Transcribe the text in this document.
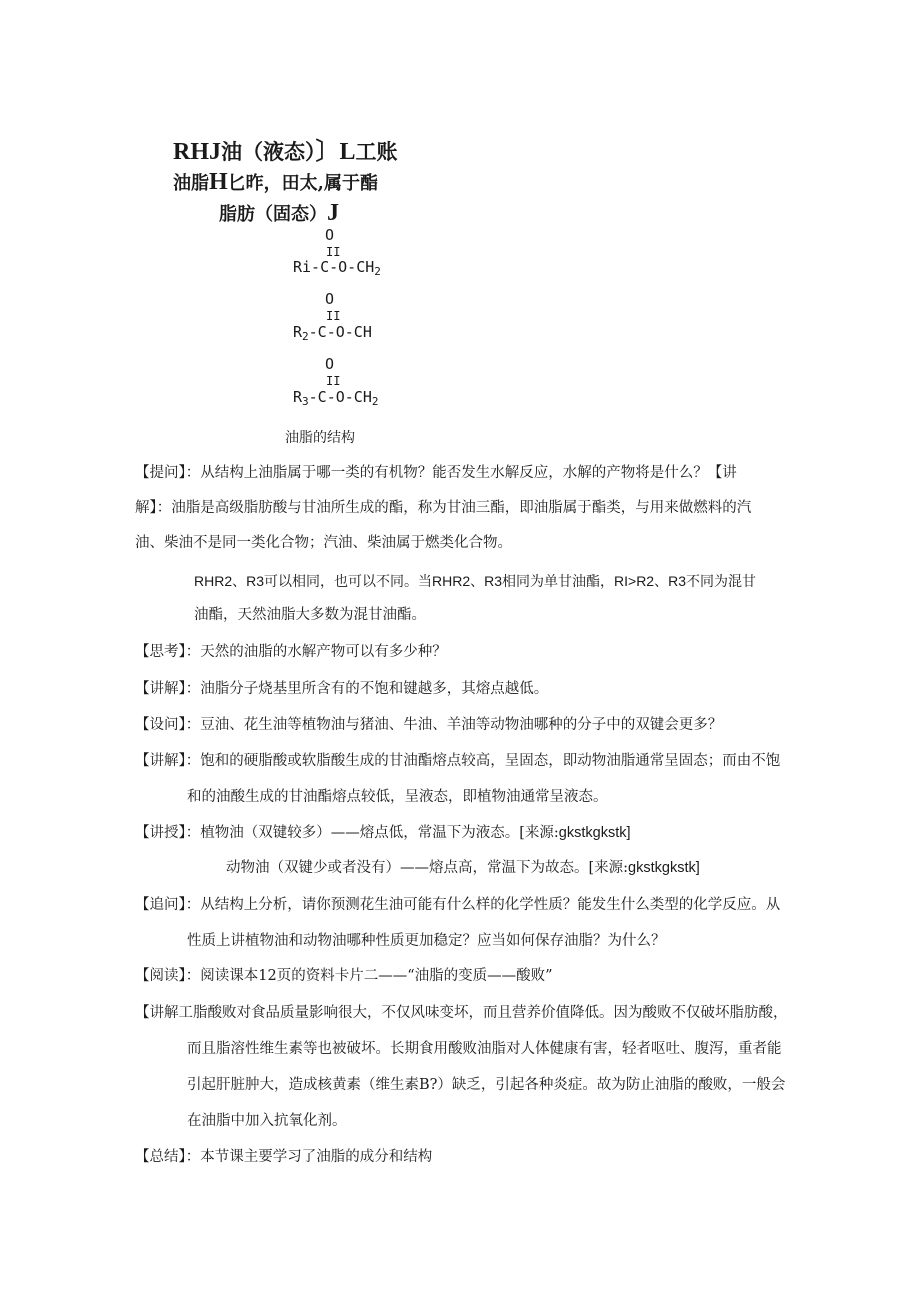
RHJ油（液态）〕L工账
油脂H匕昨，田太,属于酯
脂肪（固态）J
O
II
$Ri-C-O-CH_2$
O
II
$R_2-C-O-CH$
O
II
$R_3-C-O-CH_2$
油脂的结构
【提问】：从结构上油脂属于哪一类的有机物？能否发生水解反应，水解的产物将是什么？【讲
解】：油脂是高级脂肪酸与甘油所生成的酯，称为甘油三酯，即油脂属于酯类，与用来做燃料的汽
油、柴油不是同一类化合物；汽油、柴油属于燃类化合物。
RHR2、R3可以相同，也可以不同。当RHR2、R3相同为单甘油酯，RI>R2、R3不同为混甘
油酯，天然油脂大多数为混甘油酯。
【思考】：天然的油脂的水解产物可以有多少种？
【讲解】：油脂分子烧基里所含有的不饱和键越多，其熔点越低。
【设问】：豆油、花生油等植物油与猪油、牛油、羊油等动物油哪种的分子中的双键会更多？
【讲解】：饱和的硬脂酸或软脂酸生成的甘油酯熔点较高，呈固态，即动物油脂通常呈固态；而由不饱
和的油酸生成的甘油酯熔点较低，呈液态，即植物油通常呈液态。
【讲授】：植物油（双键较多）——熔点低，常温下为液态。[来源:gkstkgkstk]
动物油（双键少或者没有）——熔点高，常温下为故态。[来源:gkstkgkstk]
【追问】：从结构上分析，请你预测花生油可能有什么样的化学性质？能发生什么类型的化学反应。从
性质上讲植物油和动物油哪种性质更加稳定？应当如何保存油脂？为什么？
【阅读】：阅读课本12页的资料卡片二——“油脂的变质——酸败”
【讲解工脂酸败对食品质量影响很大，不仅风味变坏，而且营养价值降低。因为酸败不仅破坏脂肪酸，
而且脂溶性维生素等也被破坏。长期食用酸败油脂对人体健康有害，轻者呕吐、腹泻，重者能
引起肝脏肿大，造成核黄素（维生素B?）缺乏，引起各种炎症。故为防止油脂的酸败，一般会
在油脂中加入抗氧化剂。
【总结】：本节课主要学习了油脂的成分和结构
